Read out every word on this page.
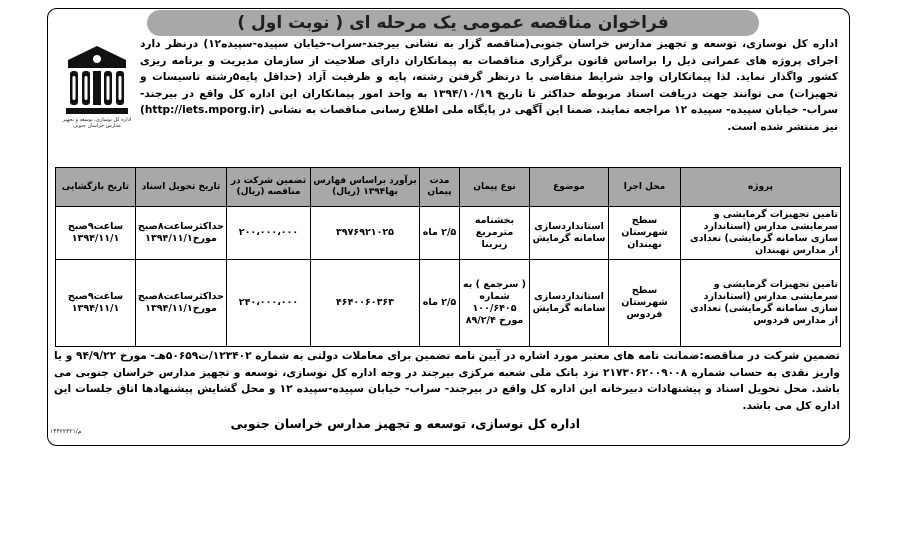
فراخوان مناقصه عمومی یک مرحله ای ( نوبت اول )
اداره کل نوسازی، توسعه و تجهیز مدارس خراسان جنوبی

اداره کل نوسازی، توسعه و تجهیز مدارس خراسان جنوبی(مناقصه گزار به نشانی بیرجند-سراب-خیابان سپیده-سپیده۱۲) درنظر دارد اجرای پروژه های عمرانی ذیل را براساس قانون برگزاری مناقصات به پیمانکاران دارای صلاحیت از سازمان مدیریت و برنامه ریزی کشور واگذار نماید. لذا پیمانکاران واجد شرایط متقاضی با درنظر گرفتن رشته، پایه و ظرفیت آزاد (حداقل پایه۵رشته تاسیسات و تجهیزات) می توانند جهت دریافت اسناد مربوطه حداکثر تا تاریخ ۱۳۹۴/۱۰/۱۹ به واحد امور پیمانکاران این اداره کل واقع در بیرجند- سراب- خیابان سپیده- سپیده ۱۲ مراجعه نمایند. ضمنا این آگهی در پایگاه ملی اطلاع رسانی مناقصات به نشانی (http://iets.mporg.ir) نیز منتشر شده است.

پروژه	محل اجرا	موضوع	نوع پیمان	مدت پیمان	برآورد براساس فهارس بها۱۳۹۴ (ریال)	تضمین شرکت در مناقصه (ریال)	تاریخ تحویل اسناد	تاریخ بازگشایی
تامین تجهیزات گرمایشی و سرمایشی مدارس (استاندارد سازی سامانه گرمایشی) تعدادی از مدارس نهبندان	سطح شهرستان نهبندان	استانداردسازی سامانه گرمایش	بخشنامه مترمربع زیربنا	۲/۵ ماه	۳۹۷۶۹۲۱۰۲۵	۲۰۰،۰۰۰،۰۰۰	حداکثرساعت۸صبح مورخ۱۳۹۴/۱۱/۱	ساعت۹صبح ۱۳۹۴/۱۱/۱
تامین تجهیزات گرمایشی و سرمایشی مدارس (استاندارد سازی سامانه گرمایشی) تعدادی از مدارس فردوس	سطح شهرستان فردوس	استانداردسازی سامانه گرمایش	( سرجمع ) به شماره ۱۰۰/۶۴۰۵ مورخ ۸۹/۲/۴	۲/۵ ماه	۴۶۴۰۰۶۰۳۶۳	۲۴۰،۰۰۰،۰۰۰	حداکثرساعت۸صبح مورخ۱۳۹۴/۱۱/۱	ساعت۹صبح ۱۳۹۴/۱۱/۱

تضمین شرکت در مناقصه:ضمانت نامه های معتبر مورد اشاره در آیین نامه تضمین برای معاملات دولتی به شماره ۱۲۳۴۰۲/ت۵۰۶۵۹هـ- مورخ ۹۴/۹/۲۲ و یا واریز نقدی به حساب شماره ۲۱۷۳۰۶۲۰۰۹۰۰۸ نزد بانک ملی شعبه مرکزی بیرجند در وجه اداره کل نوسازی، توسعه و تجهیز مدارس خراسان جنوبی می باشد. محل تحویل اسناد و پیشنهادات دبیرخانه این اداره کل واقع در بیرجند- سراب- خیابان سپیده-سپیده ۱۲ و محل گشایش پیشنهادها اتاق جلسات این اداره کل می باشد.

اداره کل نوسازی، توسعه و تجهیز مدارس خراسان جنوبی
م/۱۴۴۲۲۳۲۱
